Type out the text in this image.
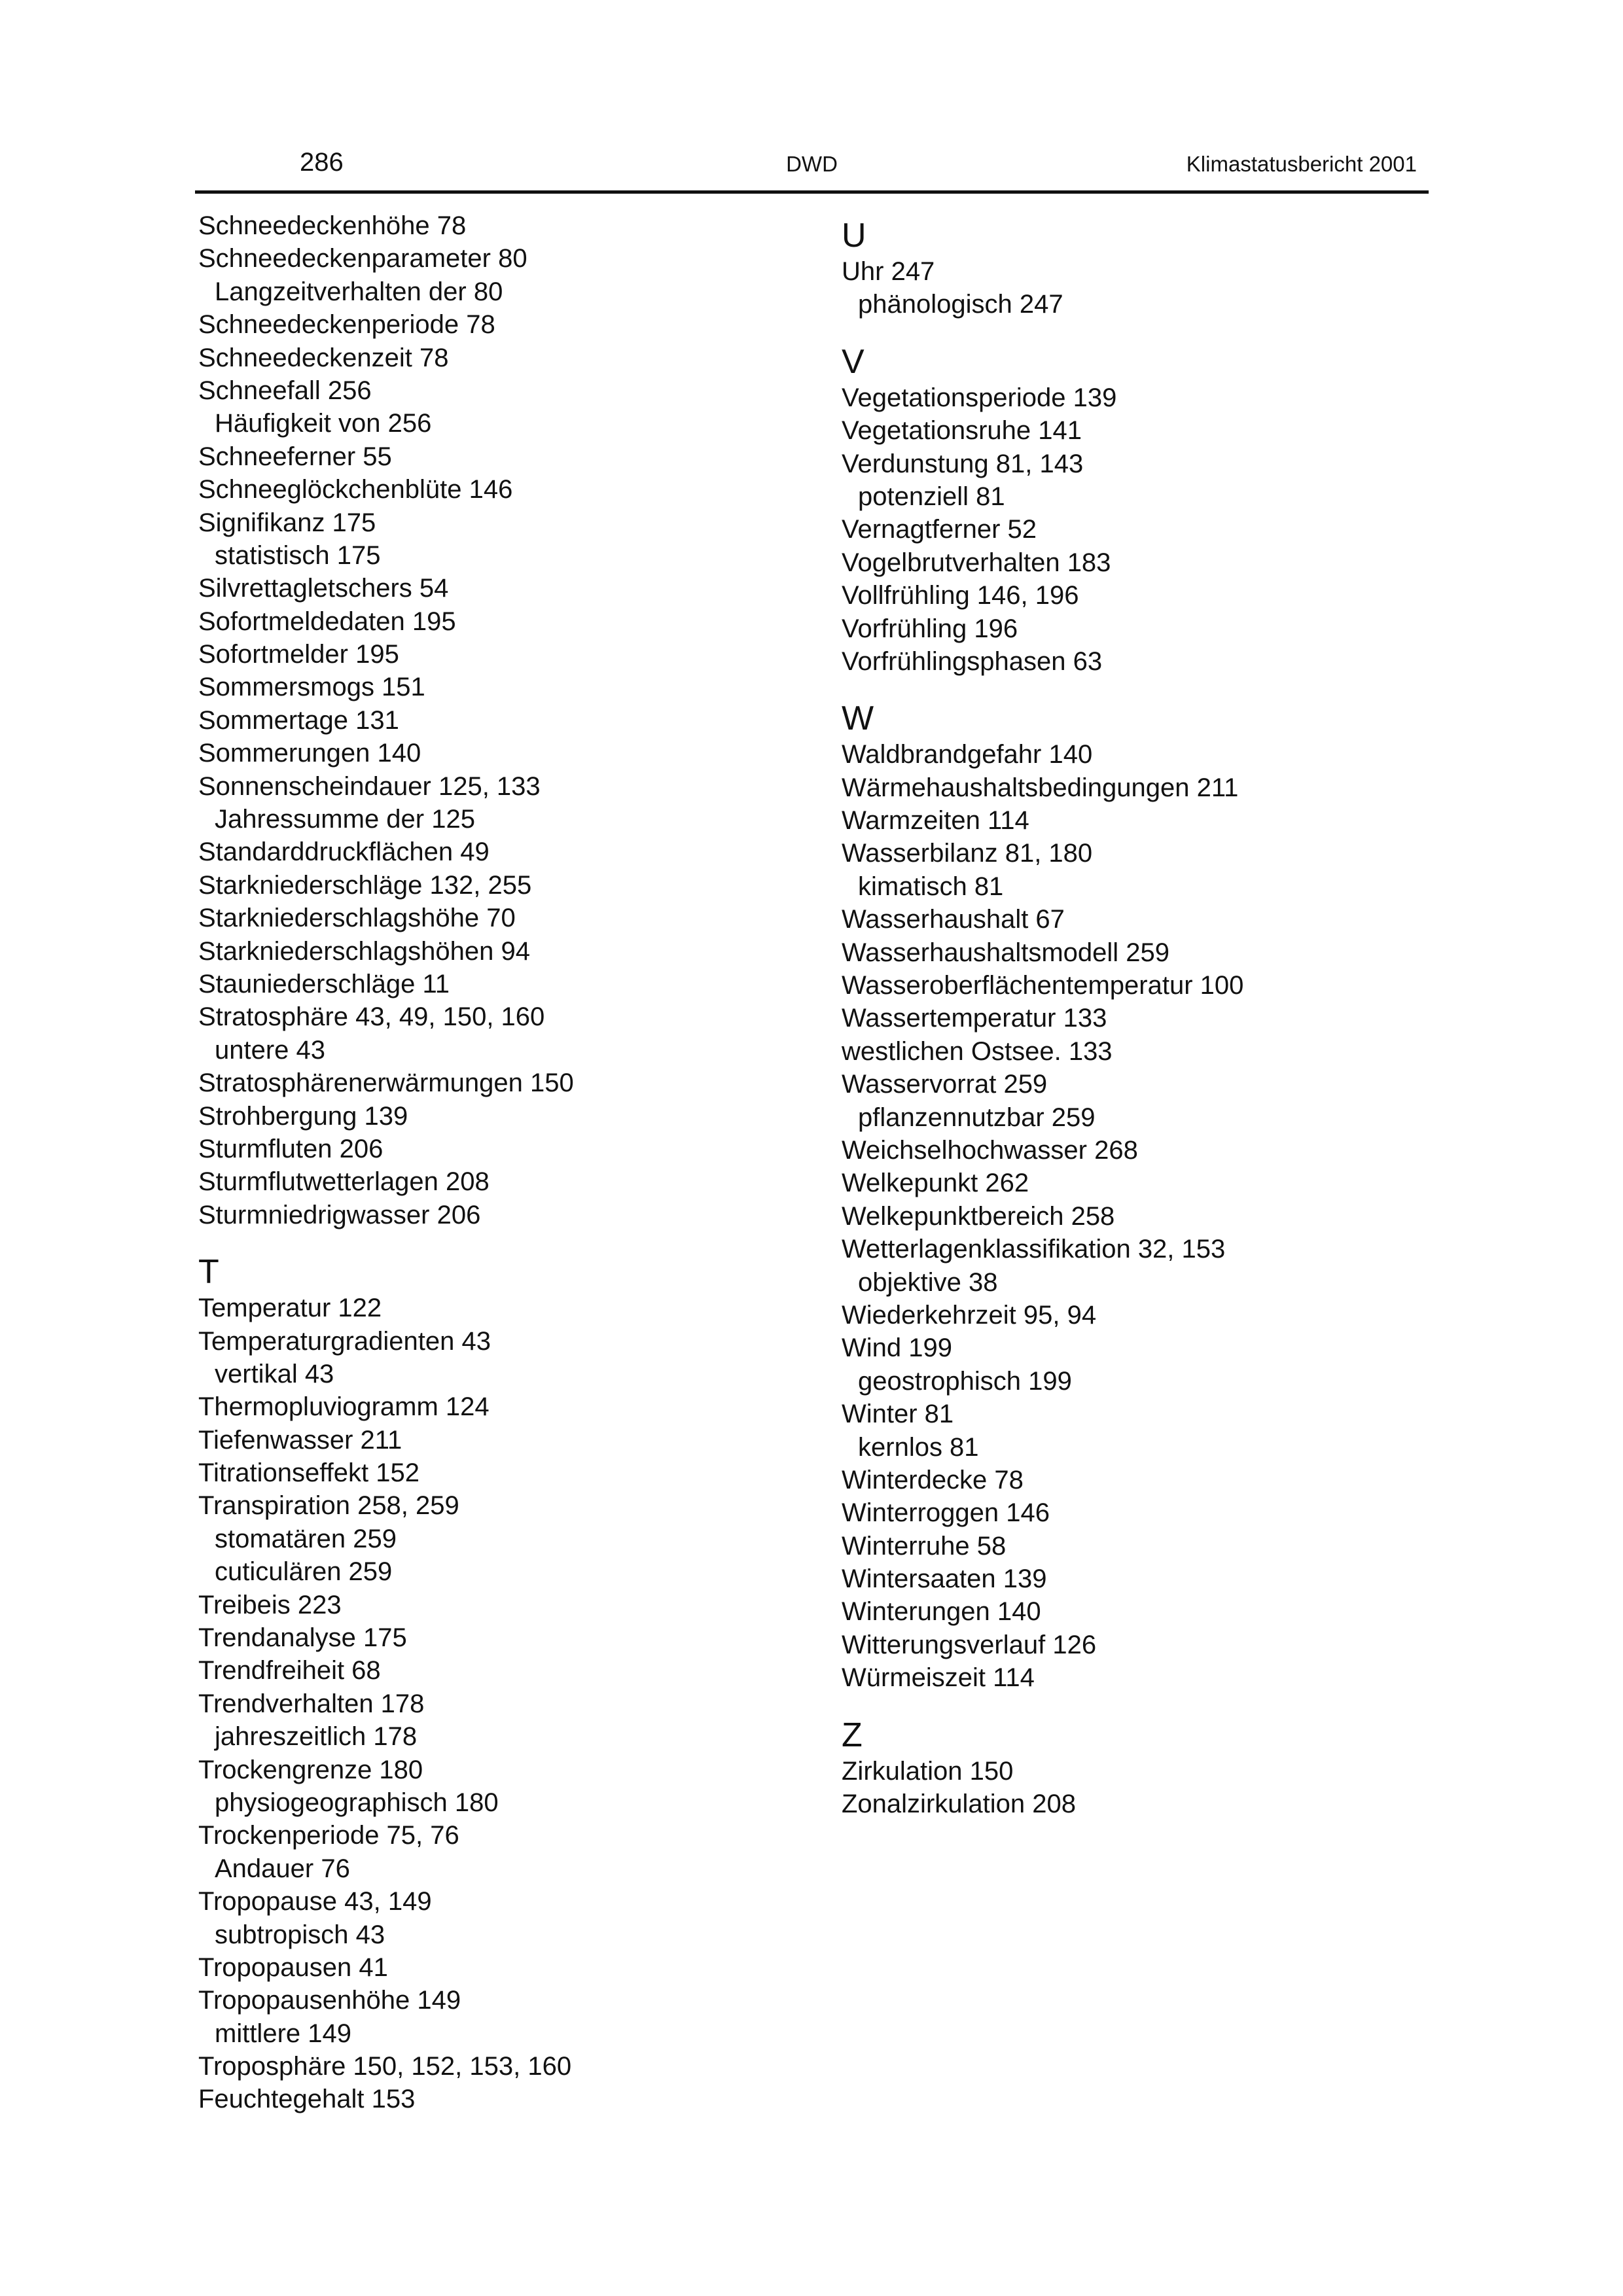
286	DWD	Klimastatusbericht 2001
Schneedeckenhöhe 78
Schneedeckenparameter 80
Langzeitverhalten der 80
Schneedeckenperiode 78
Schneedeckenzeit 78
Schneefall 256
Häufigkeit von 256
Schneeferner 55
Schneeglöckchenblüte 146
Signifikanz 175
statistisch 175
Silvrettagletschers 54
Sofortmeldedaten 195
Sofortmelder 195
Sommersmogs 151
Sommertage 131
Sommerungen 140
Sonnenscheindauer 125, 133
Jahressumme der 125
Standarddruckflächen 49
Starkniederschläge 132, 255
Starkniederschlagshöhe 70
Starkniederschlagshöhen 94
Stauniederschläge 11
Stratosphäre 43, 49, 150, 160
untere 43
Stratosphärenerwärmungen 150
Strohbergung 139
Sturmfluten 206
Sturmflutwetterlagen 208
Sturmniedrigwasser 206
T
Temperatur 122
Temperaturgradienten 43
vertikal 43
Thermopluviogramm 124
Tiefenwasser 211
Titrationseffekt 152
Transpiration 258, 259
stomatären 259
cuticulären 259
Treibeis 223
Trendanalyse 175
Trendfreiheit 68
Trendverhalten 178
jahreszeitlich 178
Trockengrenze 180
physiogeographisch 180
Trockenperiode 75, 76
Andauer 76
Tropopause 43, 149
subtropisch 43
Tropopausen 41
Tropopausenhöhe 149
mittlere 149
Troposphäre 150, 152, 153, 160
Feuchtegehalt 153
U
Uhr 247
phänologisch 247
V
Vegetationsperiode 139
Vegetationsruhe 141
Verdunstung 81, 143
potenziell 81
Vernagtferner 52
Vogelbrutverhalten 183
Vollfrühling 146, 196
Vorfrühling 196
Vorfrühlingsphasen 63
W
Waldbrandgefahr 140
Wärmehaushaltsbedingungen 211
Warmzeiten 114
Wasserbilanz 81, 180
kimatisch 81
Wasserhaushalt 67
Wasserhaushaltsmodell 259
Wasseroberflächentemperatur 100
Wassertemperatur 133
westlichen Ostsee. 133
Wasservorrat 259
pflanzennutzbar 259
Weichselhochwasser 268
Welkepunkt 262
Welkepunktbereich 258
Wetterlagenklassifikation 32, 153
objektive 38
Wiederkehrzeit 95, 94
Wind 199
geostrophisch 199
Winter 81
kernlos 81
Winterdecke 78
Winterroggen 146
Winterruhe 58
Wintersaaten 139
Winterungen 140
Witterungsverlauf 126
Würmeiszeit 114
Z
Zirkulation 150
Zonalzirkulation 208
